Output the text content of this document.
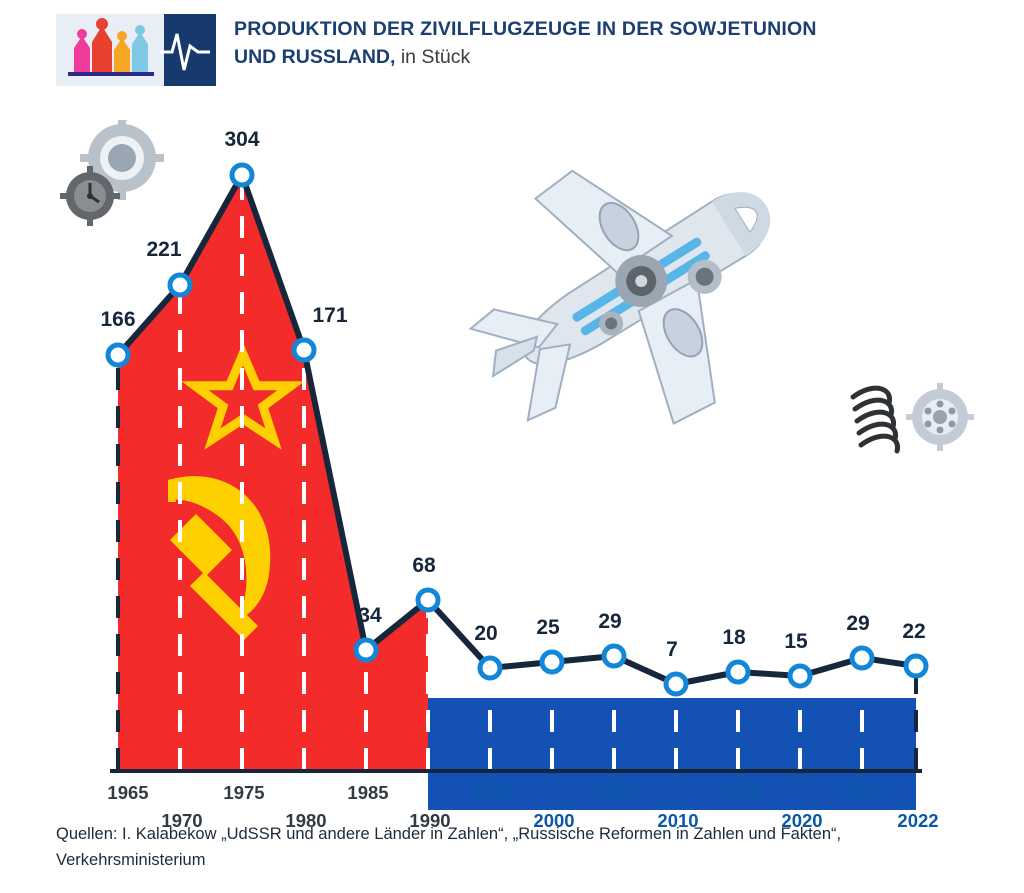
PRODUKTION DER ZIVILFLUGZEUGE IN DER SOWJETUNION
UND RUSSLAND, in Stück
166
221
304
171
34
68
20 25 29
7
18 15
29 22
1965
1970
1975
1980
1985
1990
1995
2000
2005
2010
2015
2020
2021
2022
Quellen: I. Kalabekow „UdSSR und andere Länder in Zahlen“, „Russische Reformen in Zahlen und Fakten“, Verkehrsministerium
